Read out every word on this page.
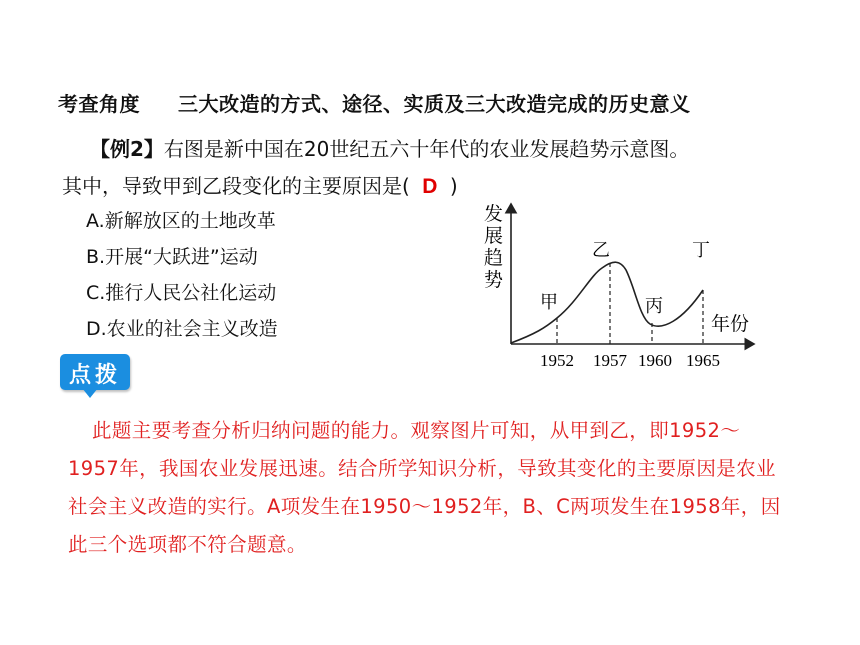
考查角度 三大改造的方式、途径、实质及三大改造完成的历史意义
【例2】右图是新中国在20世纪五六十年代的农业发展趋势示意图。
其中，导致甲到乙段变化的主要原因是( D )
A.新解放区的土地改革
B.开展“大跃进”运动
C.推行人民公社化运动
D.农业的社会主义改造
发
展
趋
势
甲
乙
丙
丁
年份
1952 1957 1960 1965
点拨
此题主要考查分析归纳问题的能力。观察图片可知，从甲到乙，即1952～1957年，我国农业发展迅速。结合所学知识分析，导致其变化的主要原因是农业社会主义改造的实行。A项发生在1950～1952年，B、C两项发生在1958年，因此三个选项都不符合题意。
